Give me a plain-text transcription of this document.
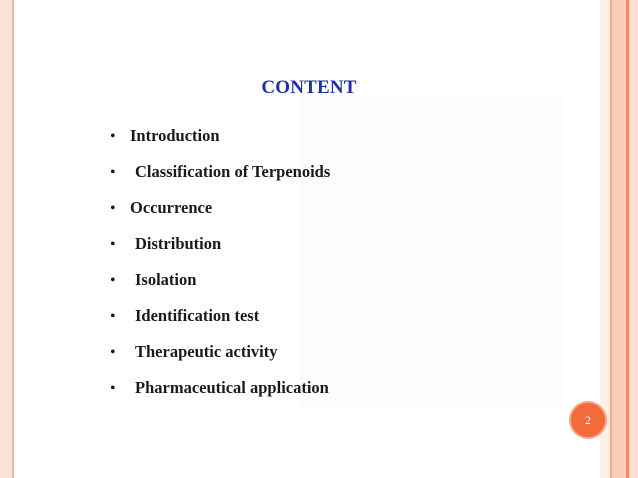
CONTENT
• Introduction
• Classification of Terpenoids
• Occurrence
• Distribution
• Isolation
• Identification test
• Therapeutic activity
• Pharmaceutical application
2
